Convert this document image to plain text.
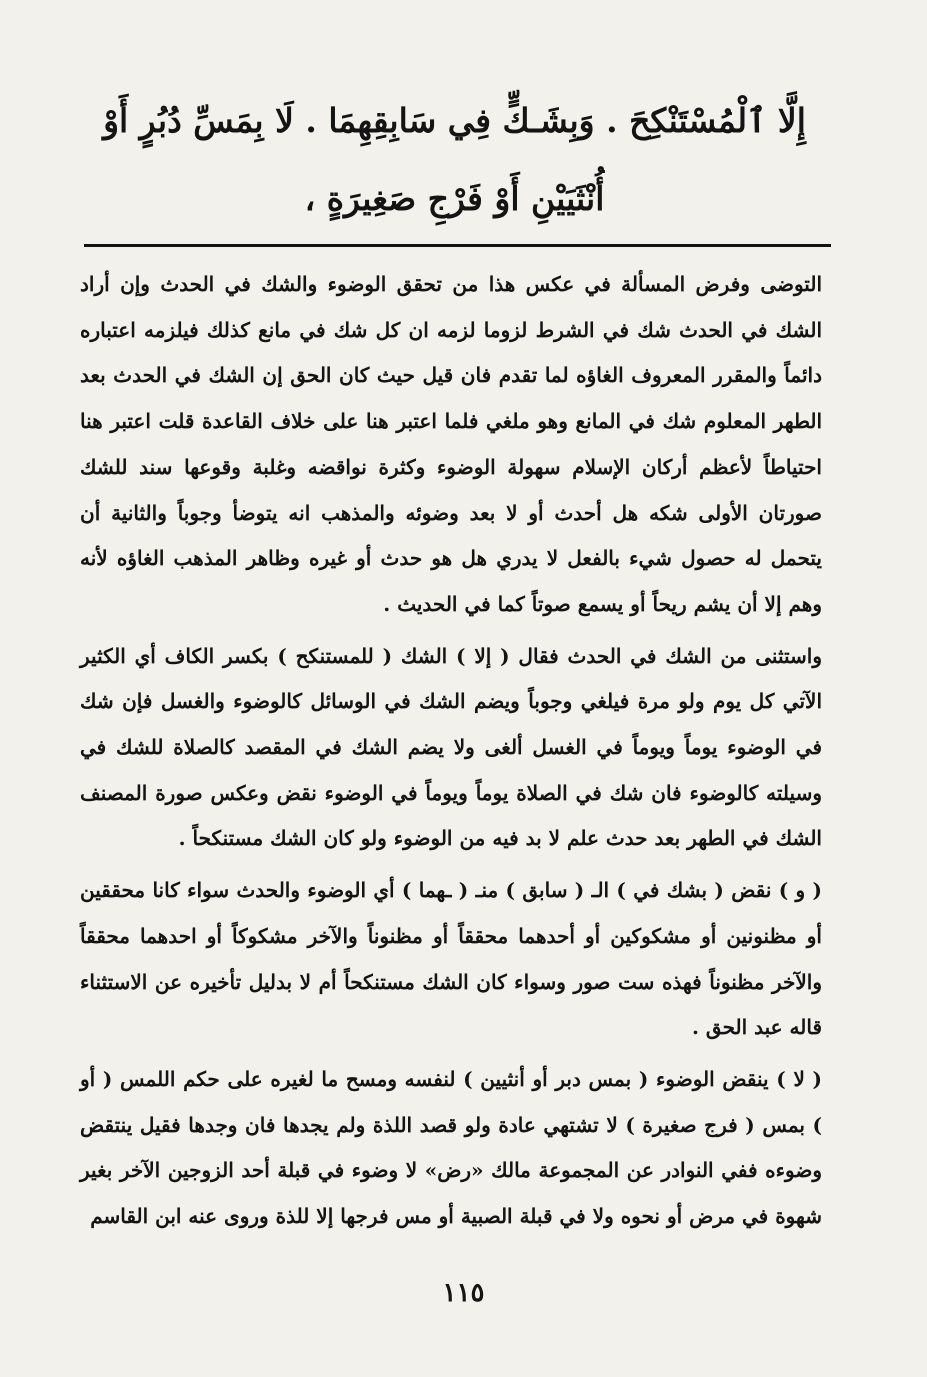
إِلَّا ٱلْمُسْتَنْكِحَ . وَبِشَـكٍّ فِي سَابِقِهِمَا . لَا بِمَسِّ دُبُرٍ أَوْ أُنْثَيَيْنِ أَوْ فَرْجِ صَغِيرَةٍ ،

التوضى وفرض المسألة في عكس هذا من تحقق الوضوء والشك في الحدث وإن أراد الشك في الحدث شك في الشرط لزوما لزمه ان كل شك في مانع كذلك فيلزمه اعتباره دائماً والمقرر المعروف الغاؤه لما تقدم فان قيل حيث كان الحق إن الشك في الحدث بعد الطهر المعلوم شك في المانع وهو ملغي فلما اعتبر هنا على خلاف القاعدة قلت اعتبر هنا احتياطاً لأعظم أركان الإسلام سهولة الوضوء وكثرة نواقضه وغلبة وقوعها سند للشك صورتان الأولى شكه هل أحدث أو لا بعد وضوئه والمذهب انه يتوضأ وجوباً والثانية أن يتحمل له حصول شيء بالفعل لا يدري هل هو حدث أو غيره وظاهر المذهب الغاؤه لأنه وهم إلا أن يشم ريحاً أو يسمع صوتاً كما في الحديث .

واستثنى من الشك في الحدث فقال ( إلا ) الشك ( للمستنكح ) بكسر الكاف أي الكثير الآتي كل يوم ولو مرة فيلغي وجوباً ويضم الشك في الوسائل كالوضوء والغسل فإن شك في الوضوء يوماً ويوماً في الغسل ألغى ولا يضم الشك في المقصد كالصلاة للشك في وسيلته كالوضوء فان شك في الصلاة يوماً ويوماً في الوضوء نقض وعكس صورة المصنف الشك في الطهر بعد حدث علم لا بد فيه من الوضوء ولو كان الشك مستنكحاً .

( و ) نقض ( بشك في ) الـ ( سابق ) منـ ( ـهما ) أي الوضوء والحدث سواء كانا محققين أو مظنونين أو مشكوكين أو أحدهما محققاً أو مظنوناً والآخر مشكوكاً أو احدهما محققاً والآخر مظنوناً فهذه ست صور وسواء كان الشك مستنكحاً أم لا بدليل تأخيره عن الاستثناء قاله عبد الحق .

( لا ) ينقض الوضوء ( بمس دبر أو أنثيين ) لنفسه ومسح ما لغيره على حكم اللمس ( أو ) بمس ( فرج صغيرة ) لا تشتهي عادة ولو قصد اللذة ولم يجدها فان وجدها فقيل ينتقض وضوءه ففي النوادر عن المجموعة مالك «رض» لا وضوء في قبلة أحد الزوجين الآخر بغير شهوة في مرض أو نحوه ولا في قبلة الصبية أو مس فرجها إلا للذة وروى عنه ابن القاسم

١١٥
